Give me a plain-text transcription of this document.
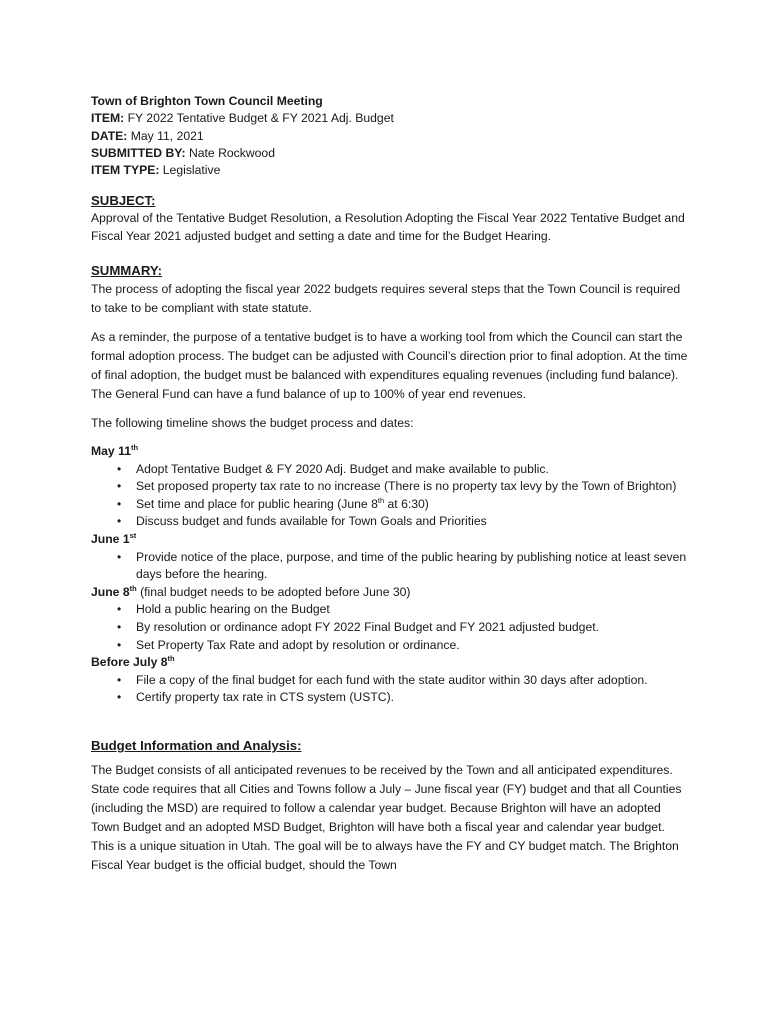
Town of Brighton Town Council Meeting
ITEM: FY 2022 Tentative Budget & FY 2021 Adj. Budget
DATE: May 11, 2021
SUBMITTED BY: Nate Rockwood
ITEM TYPE: Legislative
SUBJECT:

Approval of the Tentative Budget Resolution, a Resolution Adopting the Fiscal Year 2022 Tentative Budget and Fiscal Year 2021 adjusted budget and setting a date and time for the Budget Hearing.

SUMMARY:

The process of adopting the fiscal year 2022 budgets requires several steps that the Town Council is required to take to be compliant with state statute.

As a reminder, the purpose of a tentative budget is to have a working tool from which the Council can start the formal adoption process. The budget can be adjusted with Council’s direction prior to final adoption. At the time of final adoption, the budget must be balanced with expenditures equaling revenues (including fund balance). The General Fund can have a fund balance of up to 100% of year end revenues.

The following timeline shows the budget process and dates:

May 11th
• Adopt Tentative Budget & FY 2020 Adj. Budget and make available to public.
• Set proposed property tax rate to no increase (There is no property tax levy by the Town of Brighton)
• Set time and place for public hearing (June 8th at 6:30)
• Discuss budget and funds available for Town Goals and Priorities
June 1st
• Provide notice of the place, purpose, and time of the public hearing by publishing notice at least seven days before the hearing.
June 8th (final budget needs to be adopted before June 30)
• Hold a public hearing on the Budget
• By resolution or ordinance adopt FY 2022 Final Budget and FY 2021 adjusted budget.
• Set Property Tax Rate and adopt by resolution or ordinance.
Before July 8th
• File a copy of the final budget for each fund with the state auditor within 30 days after adoption.
• Certify property tax rate in CTS system (USTC).
Budget Information and Analysis:

The Budget consists of all anticipated revenues to be received by the Town and all anticipated expenditures. State code requires that all Cities and Towns follow a July – June fiscal year (FY) budget and that all Counties (including the MSD) are required to follow a calendar year budget. Because Brighton will have an adopted Town Budget and an adopted MSD Budget, Brighton will have both a fiscal year and calendar year budget. This is a unique situation in Utah. The goal will be to always have the FY and CY budget match. The Brighton Fiscal Year budget is the official budget, should the Town
